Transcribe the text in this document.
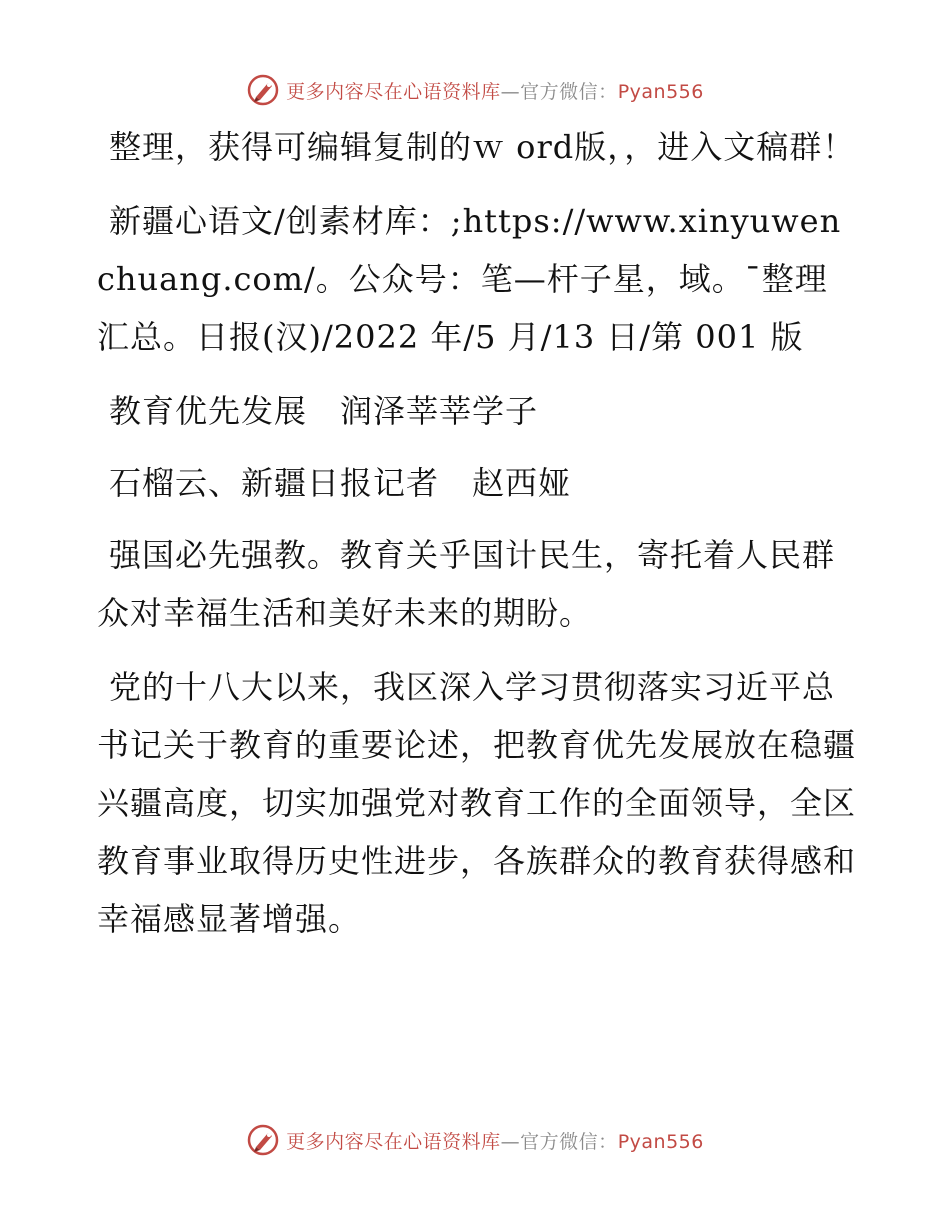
更多内容尽在心语资料库—官方微信：Pyan556

整理，获得可编辑复制的ｗ ord版，，进入文稿群！

新疆心语文/创素材库：;https://www.xinyuwenchuang.com/。公众号：笔—杆子星，域。¯整理汇总。日报(汉)/2022 年/5 月/13 日/第 001 版

教育优先发展　润泽莘莘学子

石榴云、新疆日报记者　赵西娅

强国必先强教。教育关乎国计民生，寄托着人民群众对幸福生活和美好未来的期盼。

党的十八大以来，我区深入学习贯彻落实习近平总书记关于教育的重要论述，把教育优先发展放在稳疆兴疆高度，切实加强党对教育工作的全面领导，全区教育事业取得历史性进步，各族群众的教育获得感和幸福感显著增强。

更多内容尽在心语资料库—官方微信：Pyan556
